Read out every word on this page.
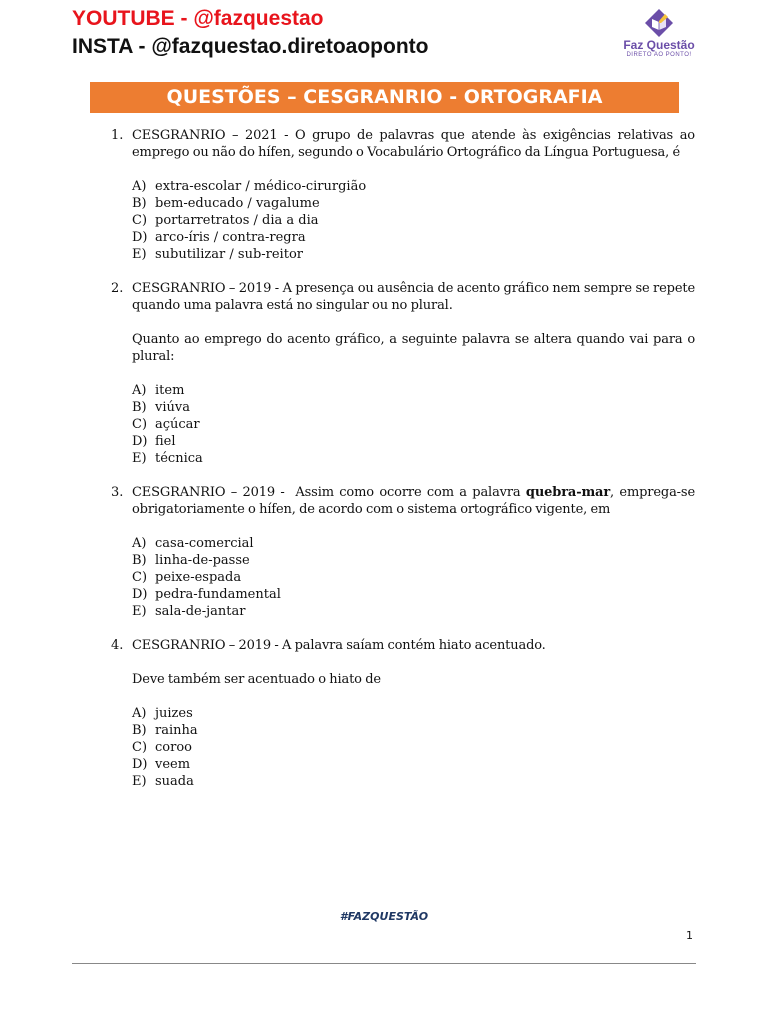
YOUTUBE - @fazquestao
INSTA - @fazquestao.diretoaoponto	Faz Questão
DIRETO AO PONTO!
QUESTÕES – CESGRANRIO - ORTOGRAFIA
1. CESGRANRIO – 2021 - O grupo de palavras que atende às exigências relativas ao emprego ou não do hífen, segundo o Vocabulário Ortográfico da Língua Portuguesa, é
A) extra-escolar / médico-cirurgião
B) bem-educado / vagalume
C) portarretratos / dia a dia
D) arco-íris / contra-regra
E) subutilizar / sub-reitor
2. CESGRANRIO – 2019 - A presença ou ausência de acento gráfico nem sempre se repete quando uma palavra está no singular ou no plural.
Quanto ao emprego do acento gráfico, a seguinte palavra se altera quando vai para o plural:
A) item
B) viúva
C) açúcar
D) fiel
E) técnica
3. CESGRANRIO – 2019 -  Assim como ocorre com a palavra quebra-mar, emprega-se obrigatoriamente o hífen, de acordo com o sistema ortográfico vigente, em
A) casa-comercial
B) linha-de-passe
C) peixe-espada
D) pedra-fundamental
E) sala-de-jantar
4. CESGRANRIO – 2019 - A palavra saíam contém hiato acentuado.
Deve também ser acentuado o hiato de
A) juizes
B) rainha
C) coroo
D) veem
E) suada
#FAZQUESTÃO
1
